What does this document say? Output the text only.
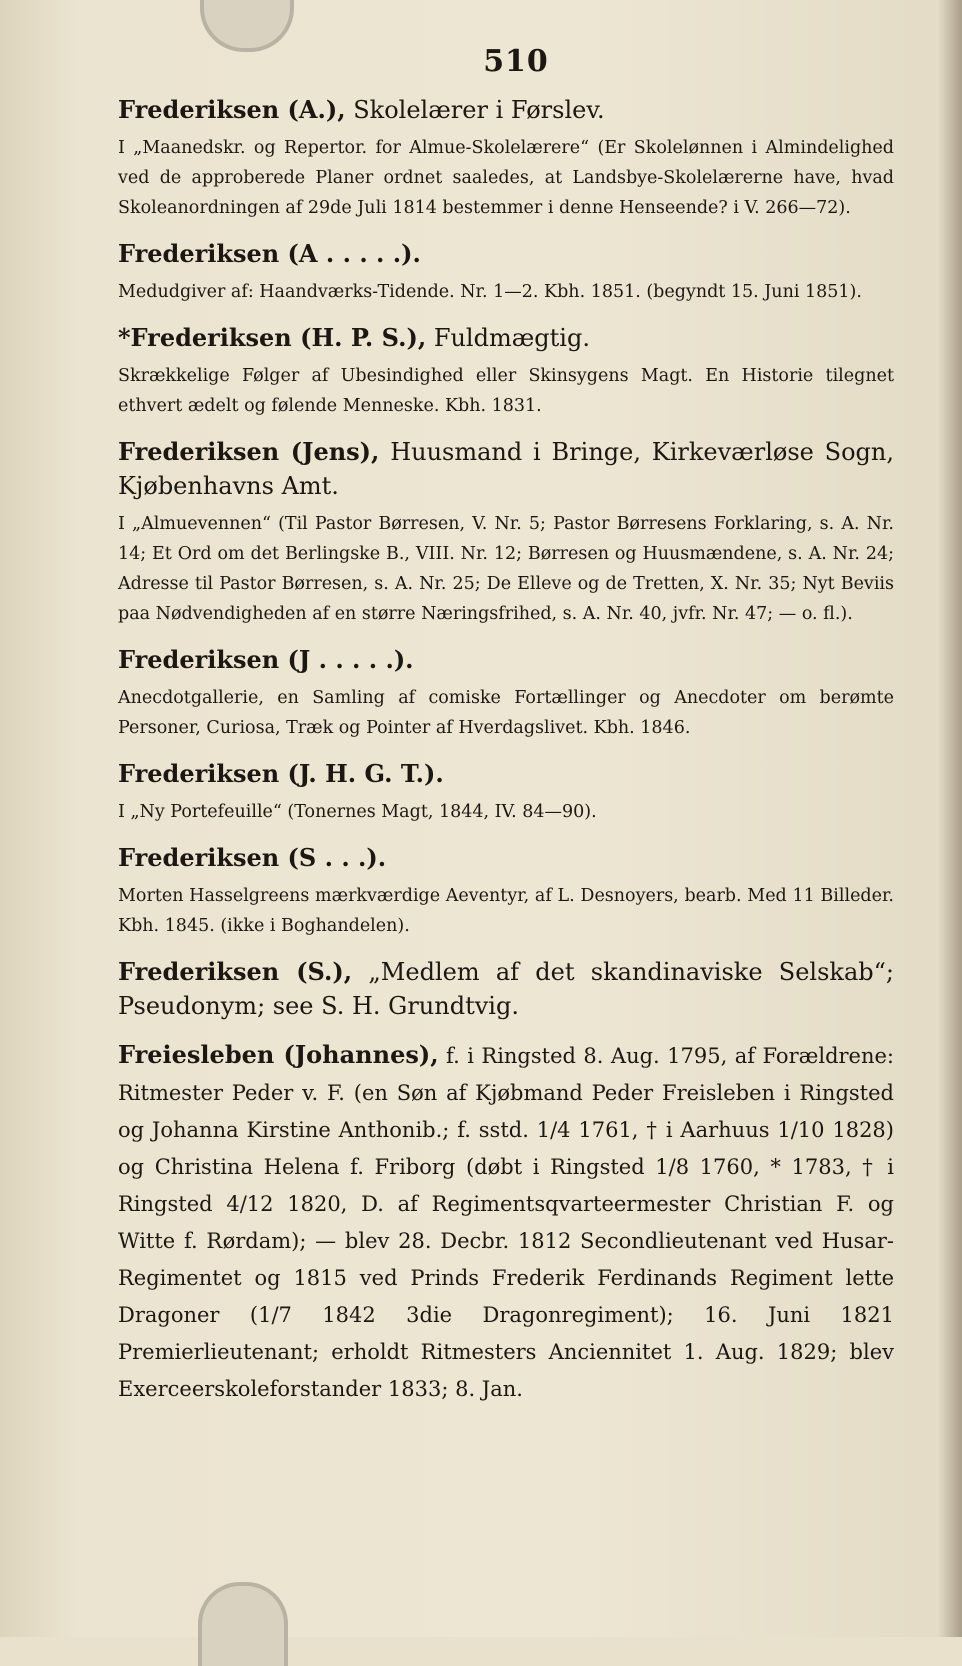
510

Frederiksen (A.), Skolelærer i Førslev.

I „Maanedskr. og Repertor. for Almue-Skolelærere“ (Er Skolelønnen i Almindelighed ved de approberede Planer ordnet saaledes, at Landsbye-Skolelærerne have, hvad Skoleanordningen af 29de Juli 1814 bestemmer i denne Henseende? i V. 266—72).

Frederiksen (A . . . . .).

Medudgiver af: Haandværks-Tidende. Nr. 1—2. Kbh. 1851. (begyndt 15. Juni 1851).

*Frederiksen (H. P. S.), Fuldmægtig.

Skrækkelige Følger af Ubesindighed eller Skinsygens Magt. En Historie tilegnet ethvert ædelt og følende Menneske. Kbh. 1831.

Frederiksen (Jens), Huusmand i Bringe, Kirkeværløse Sogn, Kjøbenhavns Amt.

I „Almuevennen“ (Til Pastor Børresen, V. Nr. 5; Pastor Børresens Forklaring, s. A. Nr. 14; Et Ord om det Berlingske B., VIII. Nr. 12; Børresen og Huusmændene, s. A. Nr. 24; Adresse til Pastor Børresen, s. A. Nr. 25; De Elleve og de Tretten, X. Nr. 35; Nyt Beviis paa Nødvendigheden af en større Næringsfrihed, s. A. Nr. 40, jvfr. Nr. 47; — o. fl.).

Frederiksen (J . . . . .).

Anecdotgallerie, en Samling af comiske Fortællinger og Anecdoter om berømte Personer, Curiosa, Træk og Pointer af Hverdagslivet. Kbh. 1846.

Frederiksen (J. H. G. T.).

I „Ny Portefeuille“ (Tonernes Magt, 1844, IV. 84—90).

Frederiksen (S . . .).

Morten Hasselgreens mærkværdige Aeventyr, af L. Desnoyers, bearb. Med 11 Billeder. Kbh. 1845. (ikke i Boghandelen).

Frederiksen (S.), „Medlem af det skandinaviske Selskab“; Pseudonym; see S. H. Grundtvig.

Freiesleben (Johannes), f. i Ringsted 8. Aug. 1795, af Forældrene: Ritmester Peder v. F. (en Søn af Kjøbmand Peder Freisleben i Ringsted og Johanna Kirstine Anthonib.; f. sstd. 1/4 1761, † i Aarhuus 1/10 1828) og Christina Helena f. Friborg (døbt i Ringsted 1/8 1760, * 1783, † i Ringsted 4/12 1820, D. af Regimentsqvarteermester Christian F. og Witte f. Rørdam); — blev 28. Decbr. 1812 Secondlieutenant ved Husar-Regimentet og 1815 ved Prinds Frederik Ferdinands Regiment lette Dragoner (1/7 1842 3die Dragonregiment); 16. Juni 1821 Premierlieutenant; erholdt Ritmesters Anciennitet 1. Aug. 1829; blev Exerceerskoleforstander 1833; 8. Jan.
